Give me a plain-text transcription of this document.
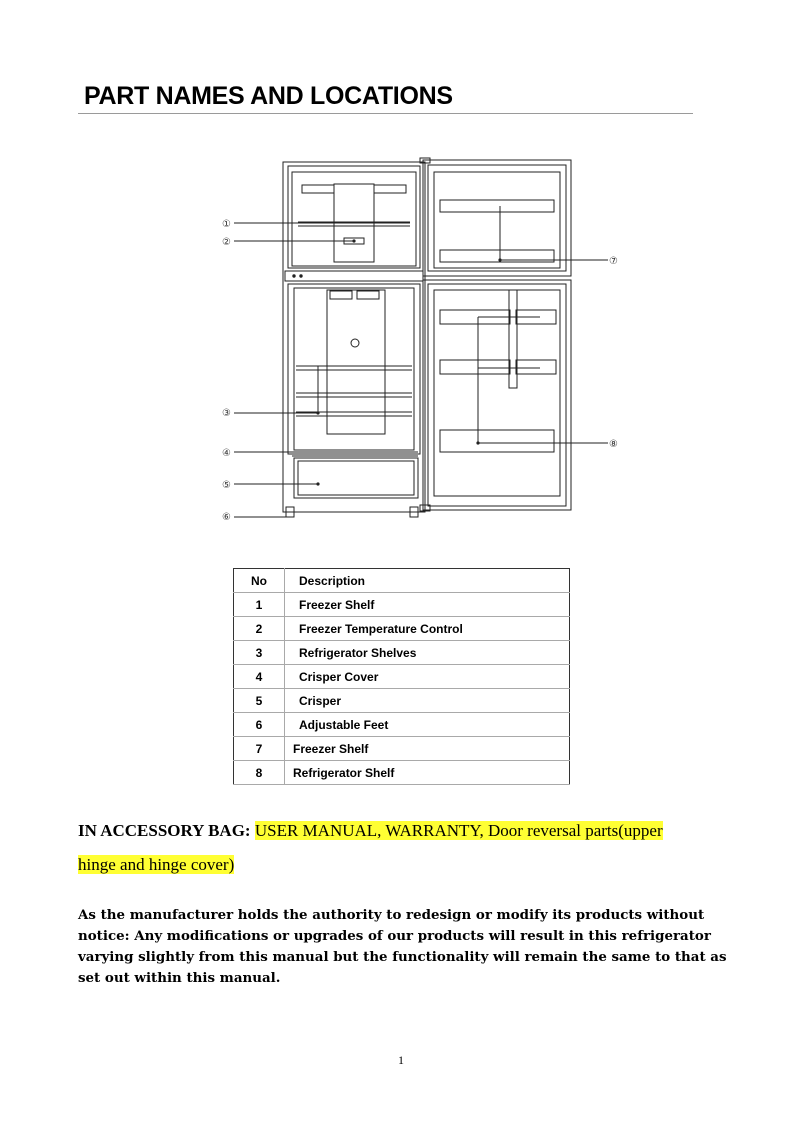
PART NAMES AND LOCATIONS
①
②
③
④
⑤
⑥
⑦
⑧
No	Description
1	Freezer Shelf
2	Freezer Temperature Control
3	Refrigerator Shelves
4	Crisper Cover
5	Crisper
6	Adjustable Feet
7	Freezer Shelf
8	Refrigerator Shelf

IN ACCESSORY BAG: USER MANUAL, WARRANTY, Door reversal parts(upper
hinge and hinge cover)

As the manufacturer holds the authority to redesign or modify its products without notice: Any modifications or upgrades of our products will result in this refrigerator varying slightly from this manual but the functionality will remain the same to that as set out within this manual.

1
